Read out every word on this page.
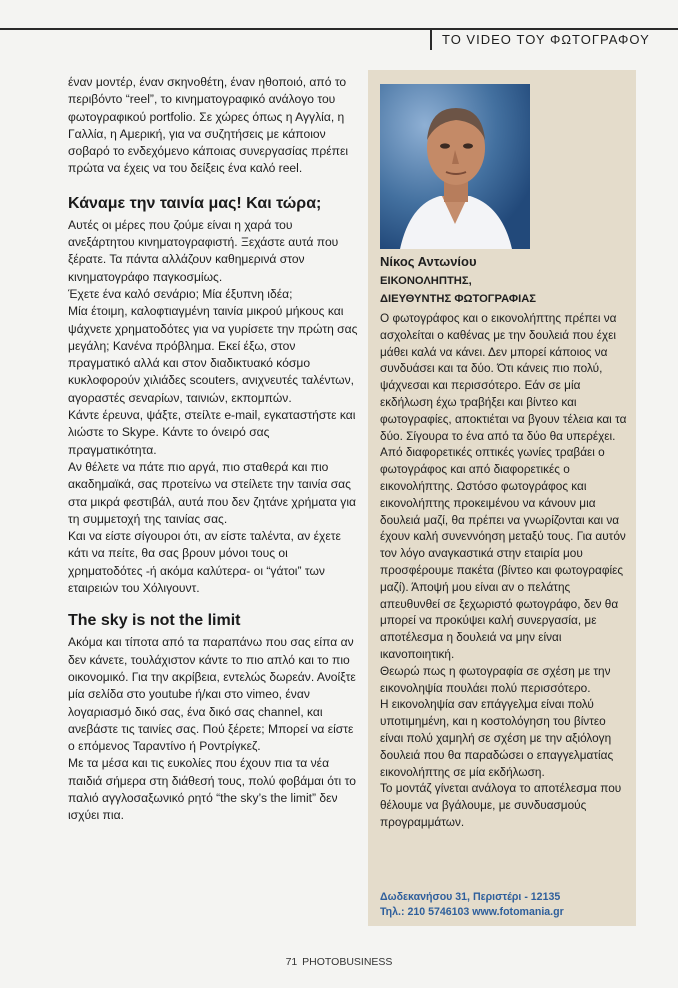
ΤΟ VIDEO ΤΟΥ ΦΩΤΟΓΡΑΦΟΥ

έναν μοντέρ, έναν σκηνοθέτη, έναν ηθοποιό, από το περιβόντο “reel”, το κινηματογραφικό ανάλογο του φωτογραφικού portfolio. Σε χώρες όπως η Αγγλία, η Γαλλία, η Αμερική, για να συζητήσεις με κάποιον σοβαρό το ενδεχόμενο κάποιας συνεργασίας πρέπει πρώτα να έχεις να του δείξεις ένα καλό reel.

Κάναμε την ταινία μας! Και τώρα;

Αυτές οι μέρες που ζούμε είναι η χαρά του ανεξάρτητου κινηματογραφιστή. Ξεχάστε αυτά που ξέρατε. Τα πάντα αλλάζουν καθημερινά στον κινηματογράφο παγκοσμίως.

Έχετε ένα καλό σενάριο; Μία έξυπνη ιδέα;

Μία έτοιμη, καλοφτιαγμένη ταινία μικρού μήκους και ψάχνετε χρηματοδότες για να γυρίσετε την πρώτη σας μεγάλη; Κανένα πρόβλημα. Εκεί έξω, στον πραγματικό αλλά και στον διαδικτυακό κόσμο κυκλοφορούν χιλιάδες scouters, ανιχνευτές ταλέντων, αγοραστές σεναρίων, ταινιών, εκπομπών.

Κάντε έρευνα, ψάξτε, στείλτε e-mail, εγκαταστήστε και λιώστε το Skype. Κάντε το όνειρό σας πραγματικότητα.

Αν θέλετε να πάτε πιο αργά, πιο σταθερά και πιο ακαδημαϊκά, σας προτείνω να στείλετε την ταινία σας στα μικρά φεστιβάλ, αυτά που δεν ζητάνε χρήματα για τη συμμετοχή της ταινίας σας.

Και να είστε σίγουροι ότι, αν είστε ταλέντα, αν έχετε κάτι να πείτε, θα σας βρουν μόνοι τους οι χρηματοδότες -ή ακόμα καλύτερα- οι “γάτοι” των εταιρειών του Χόλιγουντ.

The sky is not the limit

Ακόμα και τίποτα από τα παραπάνω που σας είπα αν δεν κάνετε, τουλάχιστον κάντε το πιο απλό και το πιο οικονομικό. Για την ακρίβεια, εντελώς δωρεάν. Ανοίξτε μία σελίδα στο youtube ή/και στο vimeo, έναν λογαριασμό δικό σας, ένα δικό σας channel, και ανεβάστε τις ταινίες σας. Πού ξέρετε; Μπορεί να είστε ο επόμενος Ταραντίνο ή Ροντρίγκεζ.

Με τα μέσα και τις ευκολίες που έχουν πια τα νέα παιδιά σήμερα στη διάθεσή τους, πολύ φοβάμαι ότι το παλιό αγγλοσαξωνικό ρητό “the sky’s the limit” δεν ισχύει πια.

Νίκος Αντωνίου
ΕΙΚΟΝΟΛΗΠΤΗΣ,
ΔΙΕΥΘΥΝΤΗΣ ΦΩΤΟΓΡΑΦΙΑΣ

Ο φωτογράφος και ο εικονολήπτης πρέπει να ασχολείται ο καθένας με την δουλειά που έχει μάθει καλά να κάνει. Δεν μπορεί κάποιος να συνδυάσει και τα δύο. Ότι κάνεις πιο πολύ, ψάχνεσαι και περισσότερο. Εάν σε μία εκδήλωση έχω τραβήξει και βίντεο και φωτογραφίες, αποκτιέται να βγουν τέλεια και τα δύο. Σίγουρα το ένα από τα δύο θα υπερέχει.

Από διαφορετικές οπτικές γωνίες τραβάει ο φωτογράφος και από διαφορετικές ο εικονολήπτης. Ωστόσο φωτογράφος και εικονολήπτης προκειμένου να κάνουν μια δουλειά μαζί, θα πρέπει να γνωρίζονται και να έχουν καλή συνεννόηση μεταξύ τους. Για αυτόν τον λόγο αναγκαστικά στην εταιρία μου προσφέρουμε πακέτα (βίντεο και φωτογραφίες μαζί). Άποψή μου είναι αν ο πελάτης απευθυνθεί σε ξεχωριστό φωτογράφο, δεν θα μπορεί να προκύψει καλή συνεργασία, με αποτέλεσμα η δουλειά να μην είναι ικανοποιητική.

Θεωρώ πως η φωτογραφία σε σχέση με την εικονοληψία πουλάει πολύ περισσότερο.

Η εικονοληψία σαν επάγγελμα είναι πολύ υποτιμημένη, και η κοστολόγηση του βίντεο είναι πολύ χαμηλή σε σχέση με την αξιόλογη δουλειά που θα παραδώσει ο επαγγελματίας εικονολήπτης σε μία εκδήλωση.

Το μοντάζ γίνεται ανάλογα το αποτέλεσμα που θέλουμε να βγάλουμε, με συνδυασμούς προγραμμάτων.

Δωδεκανήσου 31, Περιστέρι - 12135
Τηλ.: 210 5746103 www.fotomania.gr
71 PHOTOBUSINESS
